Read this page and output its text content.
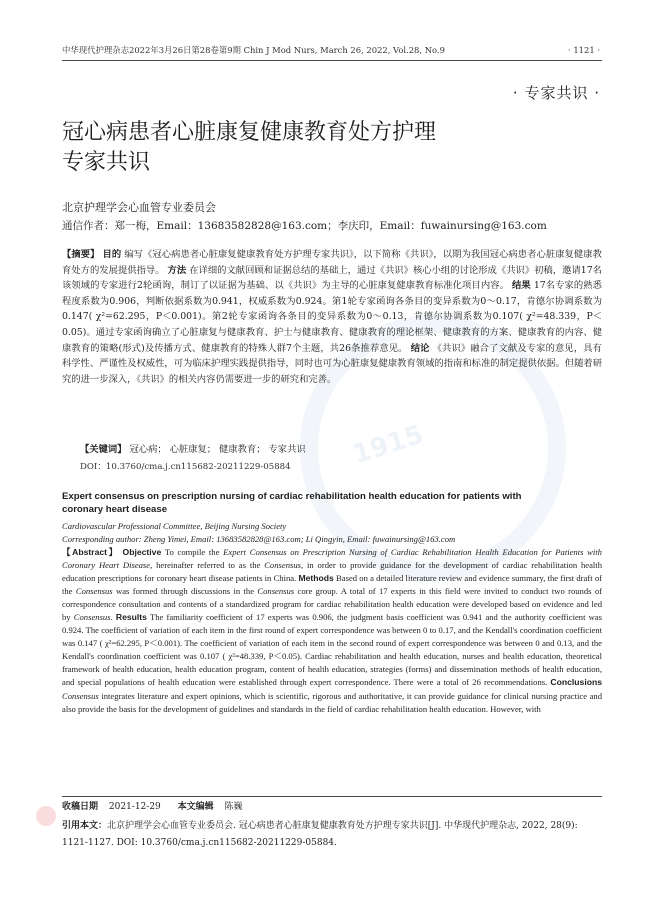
中华现代护理杂志2022年3月26日第28卷第9期 Chin J Mod Nurs, March 26, 2022, Vol.28, No.9	· 1121 ·
· 专家共识 ·
冠心病患者心脏康复健康教育处方护理
专家共识
北京护理学会心血管专业委员会
通信作者：郑一梅，Email：13683582828@163.com；李庆印，Email：fuwainursing@163.com
1915
【摘要】 目的 编写《冠心病患者心脏康复健康教育处方护理专家共识》，以下简称《共识》，以期为我国冠心病患者心脏康复健康教育处方的发展提供指导。 方法 在详细的文献回顾和证据总结的基础上，通过《共识》核心小组的讨论形成《共识》初稿，邀请17名该领域的专家进行2轮函询，制订了以证据为基础、以《共识》为主导的心脏康复健康教育标准化项目内容。 结果 17名专家的熟悉程度系数为0.906，判断依据系数为0.941，权威系数为0.924。第1轮专家函询各条目的变异系数为0～0.17，肯德尔协调系数为0.147( χ²=62.295，P＜0.001)。第2轮专家函询各条目的变异系数为0～0.13，肯德尔协调系数为0.107( χ²=48.339，P＜0.05)。通过专家函询确立了心脏康复与健康教育、护士与健康教育、健康教育的理论框架、健康教育的方案、健康教育的内容、健康教育的策略(形式)及传播方式、健康教育的特殊人群7个主题，共26条推荐意见。 结论 《共识》融合了文献及专家的意见，具有科学性、严谨性及权威性，可为临床护理实践提供指导，同时也可为心脏康复健康教育领域的指南和标准的制定提供依据。但随着研究的进一步深入，《共识》的相关内容仍需要进一步的研究和完善。
【关键词】 冠心病； 心脏康复； 健康教育； 专家共识
DOI：10.3760/cma.j.cn115682-20211229-05884
Expert consensus on prescription nursing of cardiac rehabilitation health education for patients with
coronary heart disease
Cardiovascular Professional Committee, Beijing Nursing Society
Corresponding author: Zheng Yimei, Email: 13683582828@163.com; Li Qingyin, Email: fuwainursing@163.com
【Abstract】 Objective To compile the Expert Consensus on Prescription Nursing of Cardiac Rehabilitation Health Education for Patients with Coronary Heart Disease, hereinafter referred to as the Consensus, in order to provide guidance for the development of cardiac rehabilitation health education prescriptions for coronary heart disease patients in China. Methods Based on a detailed literature review and evidence summary, the first draft of the Consensus was formed through discussions in the Consensus core group. A total of 17 experts in this field were invited to conduct two rounds of correspondence consultation and contents of a standardized program for cardiac rehabilitation health education were developed based on evidence and led by Consensus. Results The familiarity coefficient of 17 experts was 0.906, the judgment basis coefficient was 0.941 and the authority coefficient was 0.924. The coefficient of variation of each item in the first round of expert correspondence was between 0 to 0.17, and the Kendall's coordination coefficient was 0.147 ( χ²=62.295, P＜0.001). The coefficient of variation of each item in the second round of expert correspondence was between 0 and 0.13, and the Kendall's coordination coefficient was 0.107 ( χ²=48.339, P＜0.05). Cardiac rehabilitation and health education, nurses and health education, theoretical framework of health education, health education program, content of health education, strategies (forms) and dissemination methods of health education, and special populations of health education were established through expert correspondence. There were a total of 26 recommendations. Conclusions Consensus integrates literature and expert opinions, which is scientific, rigorous and authoritative, it can provide guidance for clinical nursing practice and also provide the basis for the development of guidelines and standards in the field of cardiac rehabilitation health education. However, with
收稿日期 2021-12-29 本文编辑 陈巍
引用本文：北京护理学会心血管专业委员会. 冠心病患者心脏康复健康教育处方护理专家共识[J]. 中华现代护理杂志, 2022, 28(9): 1121-1127. DOI: 10.3760/cma.j.cn115682-20211229-05884.
